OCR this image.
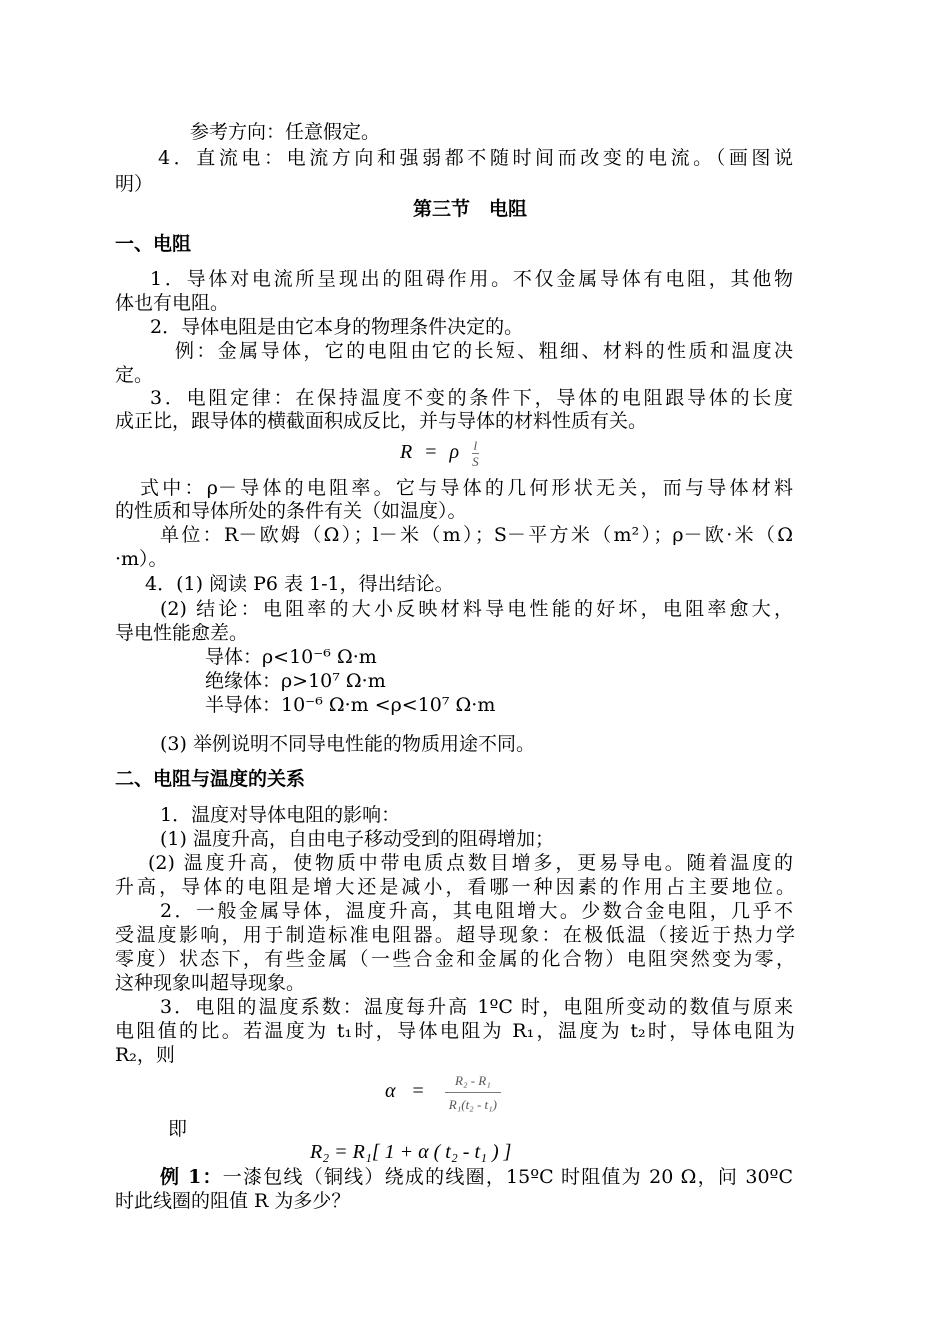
参考方向：任意假定。
4．直流电：电流方向和强弱都不随时间而改变的电流。（画图说
明）
第三节　电阻
一、电阻
1．导体对电流所呈现出的阻碍作用。不仅金属导体有电阻，其他物
体也有电阻。
2．导体电阻是由它本身的物理条件决定的。
例：金属导体，它的电阻由它的长短、粗细、材料的性质和温度决
定。
3．电阻定律：在保持温度不变的条件下，导体的电阻跟导体的长度
成正比，跟导体的横截面积成反比，并与导体的材料性质有关。
R = ρ $\frac{l}{S}$
式中：ρ－导体的电阻率。它与导体的几何形状无关，而与导体材料
的性质和导体所处的条件有关（如温度）。
单位：R－欧姆（Ω）；l－米（m）；S－平方米（m²）；ρ－欧·米（Ω
·m）。
4．(1) 阅读 P6 表 1-1，得出结论。
(2) 结论：电阻率的大小反映材料导电性能的好坏，电阻率愈大，
导电性能愈差。
导体：ρ<10⁻⁶ Ω·m
绝缘体：ρ>10⁷ Ω·m
半导体：10⁻⁶ Ω·m <ρ<10⁷ Ω·m
(3) 举例说明不同导电性能的物质用途不同。
二、电阻与温度的关系
1．温度对导体电阻的影响：
(1) 温度升高，自由电子移动受到的阻碍增加；
(2) 温度升高，使物质中带电质点数目增多，更易导电。随着温度的
升高，导体的电阻是增大还是减小，看哪一种因素的作用占主要地位。
2．一般金属导体，温度升高，其电阻增大。少数合金电阻，几乎不
受温度影响，用于制造标准电阻器。超导现象：在极低温（接近于热力学
零度）状态下，有些金属（一些合金和金属的化合物）电阻突然变为零，
这种现象叫超导现象。
3．电阻的温度系数：温度每升高 1ºC 时，电阻所变动的数值与原来
电阻值的比。若温度为 t₁时，导体电阻为 R₁，温度为 t₂时，导体电阻为
R₂，则
$\alpha = \frac{\text{R₂ - R₁}}{\text{R₁(t₂ - t₁)}}$
即
R₂ = R₁[ 1 + α ( t₂ - t₁ ) ]
例 1：一漆包线（铜线）绕成的线圈，15ºC 时阻值为 20 Ω，问 30ºC
时此线圈的阻值 R 为多少？
